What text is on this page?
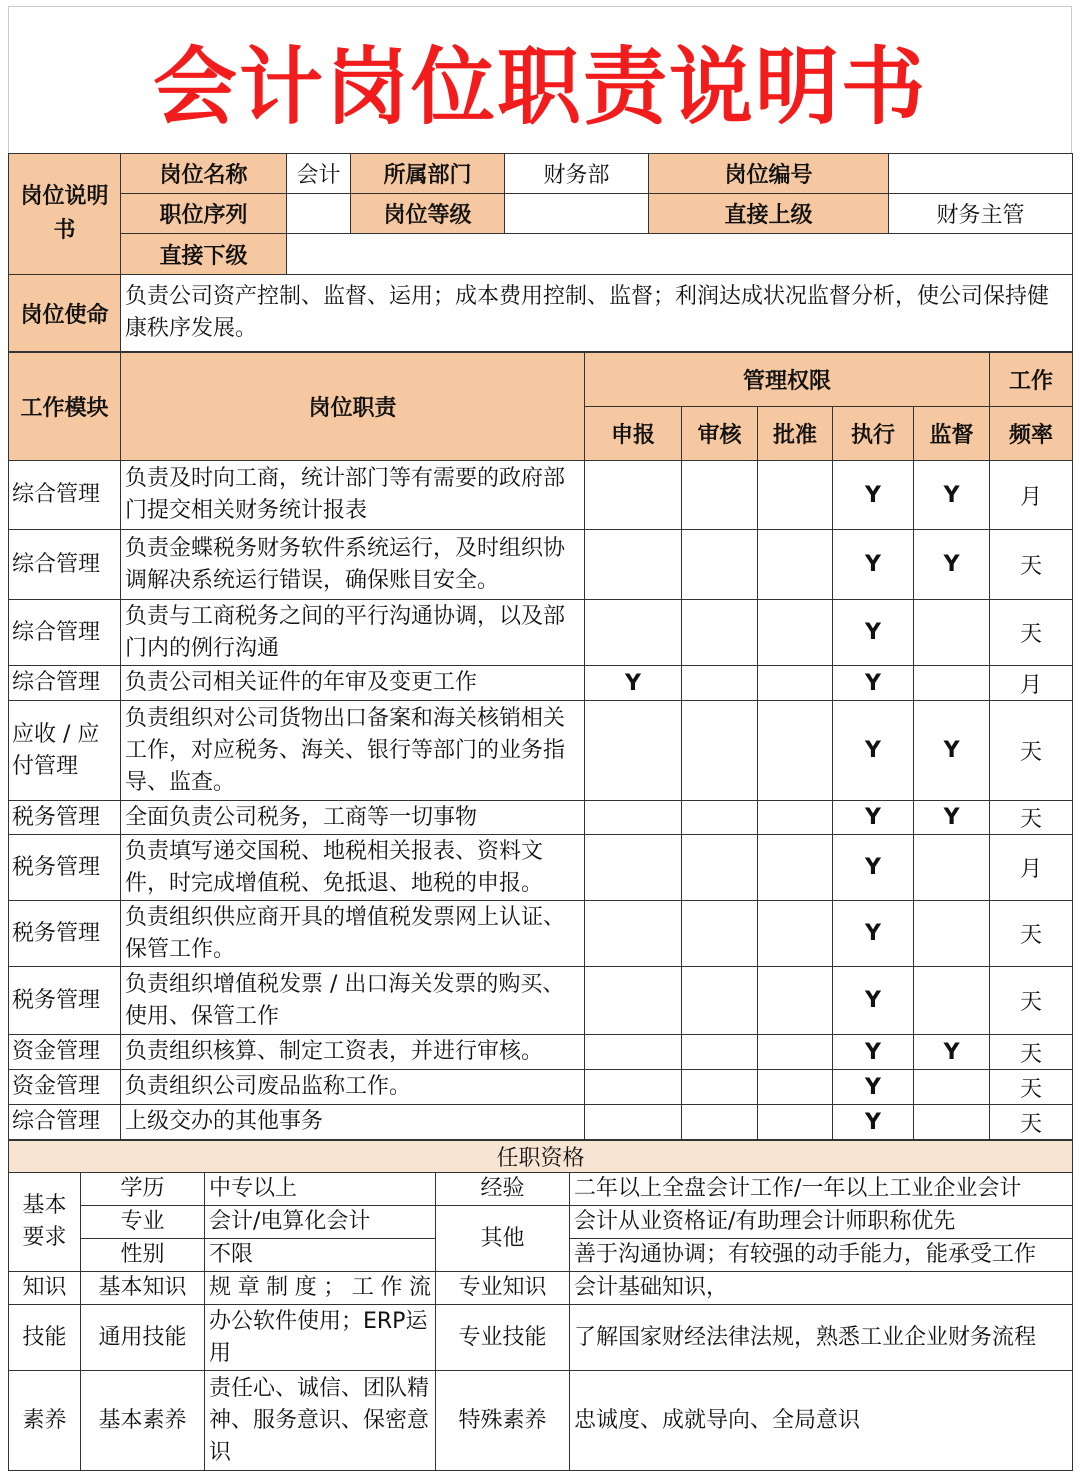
会计岗位职责说明书
岗位说明书	岗位名称	会计	所属部门	财务部	岗位编号	
	职位序列		岗位等级		直接上级	财务主管
	直接下级					
岗位使命	负责公司资产控制、监督、运用；成本费用控制、监督；利润达成状况监督分析，使公司保持健康秩序发展。					
工作模块	岗位职责	管理权限					工作
		申报	审核	批准	执行	监督	频率
综合管理	负责及时向工商，统计部门等有需要的政府部门提交相关财务统计报表				Y	Y	月
综合管理	负责金蝶税务财务软件系统运行，及时组织协调解决系统运行错误，确保账目安全。				Y	Y	天
综合管理	负责与工商税务之间的平行沟通协调，以及部门内的例行沟通				Y		天
综合管理	负责公司相关证件的年审及变更工作	Y			Y		月
应收 / 应付管理	负责组织对公司货物出口备案和海关核销相关工作，对应税务、海关、银行等部门的业务指导、监查。				Y	Y	天
税务管理	全面负责公司税务，工商等一切事物				Y	Y	天
税务管理	负责填写递交国税、地税相关报表、资料文件，时完成增值税、免抵退、地税的申报。				Y		月
税务管理	负责组织供应商开具的增值税发票网上认证、保管工作。				Y		天
税务管理	负责组织增值税发票 / 出口海关发票的购买、使用、保管工作				Y		天
资金管理	负责组织核算、制定工资表，并进行审核。				Y	Y	天
资金管理	负责组织公司废品监称工作。				Y		天
综合管理	上级交办的其他事务				Y		天
任职资格				
基本要求	学历	中专以上	经验	二年以上全盘会计工作/一年以上工业企业会计
	专业	会计/电算化会计	其他	会计从业资格证/有助理会计师职称优先
	性别	不限		善于沟通协调；有较强的动手能力，能承受工作
知识	基本知识	规章制度；工作流	专业知识	会计基础知识，
技能	通用技能	办公软件使用；ERP运用	专业技能	了解国家财经法律法规，熟悉工业企业财务流程
素养	基本素养	责任心、诚信、团队精神、服务意识、保密意识	特殊素养	忠诚度、成就导向、全局意识
